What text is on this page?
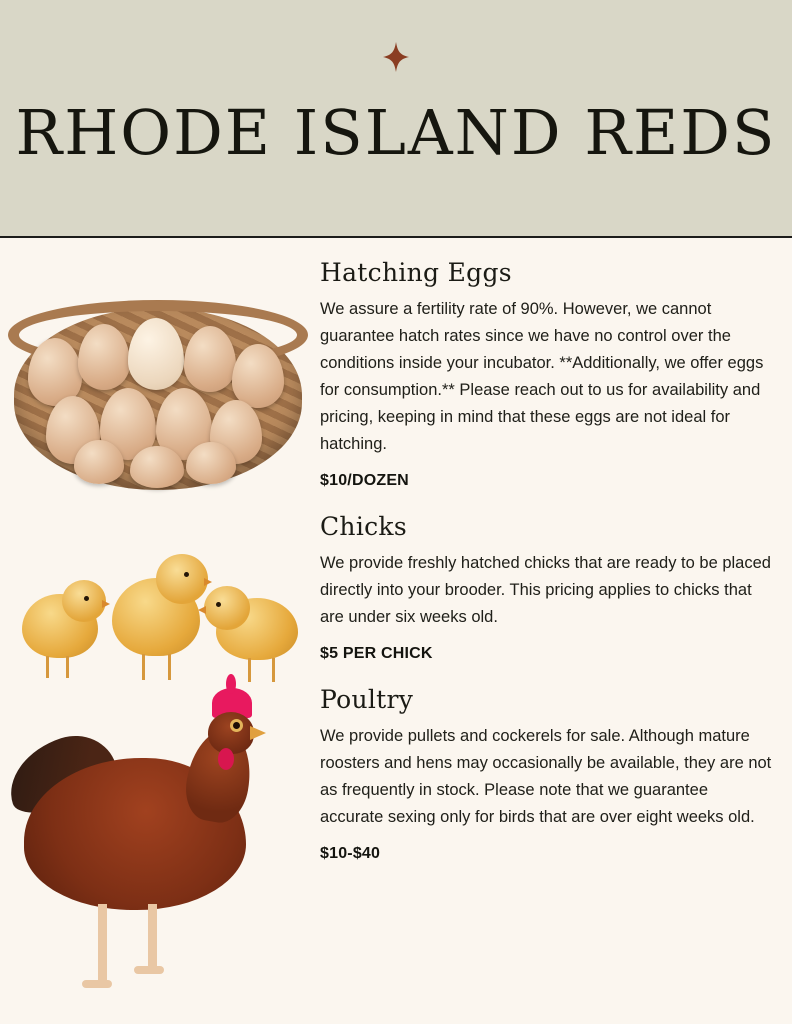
RHODE ISLAND REDS
Hatching Eggs

We assure a fertility rate of 90%. However, we cannot guarantee hatch rates since we have no control over the conditions inside your incubator. **Additionally, we offer eggs for consumption.** Please reach out to us for availability and pricing, keeping in mind that these eggs are not ideal for hatching.

$10/DOZEN

Chicks

We provide freshly hatched chicks that are ready to be placed directly into your brooder. This pricing applies to chicks that are under six weeks old.

$5 PER CHICK

Poultry

We provide pullets and cockerels for sale. Although mature roosters and hens may occasionally be available, they are not as frequently in stock. Please note that we guarantee accurate sexing only for birds that are over eight weeks old.

$10-$40
